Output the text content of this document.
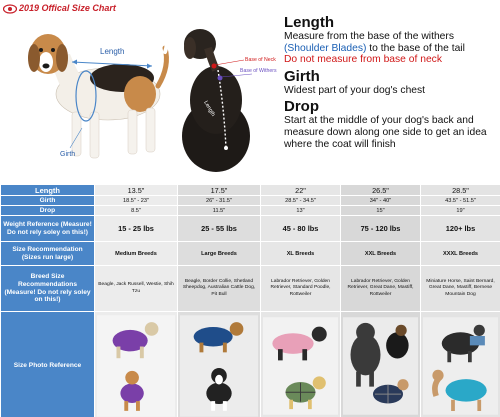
2019 Offical Size Chart
Length
Girth
Base of Neck
Base of Withers
Length
Length
Measure from the base of the withers
(Shoulder Blades) to the base of the tail
Do not measure from base of neck
Girth
Widest part of your dog's chest
Drop
Start at the middle of your dog's back and measure down along one side to get an idea where the coat will finish
Length	13.5"	17.5"	22"	26.5"	28.5"
Girth	18.5" - 23"	26" - 31.5"	28.5" - 34.5"	34" - 40"	43.5" - 51.5"
Drop	8.5"	11.5"	13"	15"	19"
Weight Reference (Measure! Do not rely soley on this!)	15 - 25 lbs	25 - 55 lbs	45 - 80 lbs	75 - 120 lbs	120+ lbs
Size Recommendation (Sizes run large)	Medium Breeds	Large Breeds	XL Breeds	XXL Breeds	XXXL Breeds
Breed Size Recommendations (Measure! Do not rely soley on this!)	Beagle, Jack Russell, Westie, Shih Tzu	Beagle, Border Collie, Shetland Sheepdog, Australian Cattle Dog, Pit Bull	Labrador Retriever, Golden Retriever, Standard Poodle, Rottweiler	Labrador Retriever, Golden Retriever, Great Dane, Mastiff, Rottweiler	Miniature Horse, Saint Bernard, Great Dane, Mastiff, Bernese Mountain Dog
Size Photo Reference	
